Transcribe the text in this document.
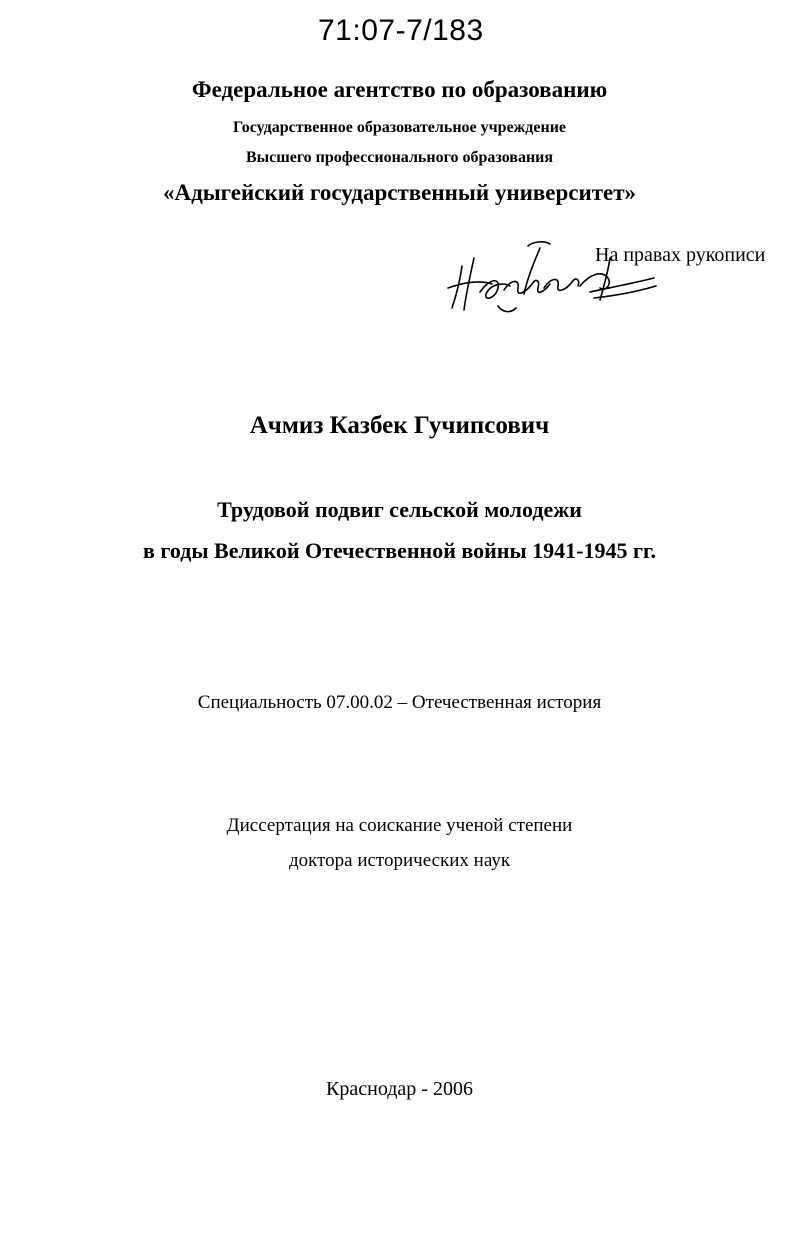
71:07-7/183
Федеральное агентство по образованию
Государственное образовательное учреждение
Высшего профессионального образования
«Адыгейский государственный университет»
На правах рукописи
Ачмиз Казбек Гучипсович
Трудовой подвиг сельской молодежи
в годы Великой Отечественной войны 1941-1945 гг.
Специальность 07.00.02 – Отечественная история
Диссертация на соискание ученой степени
доктора исторических наук
Краснодар - 2006
